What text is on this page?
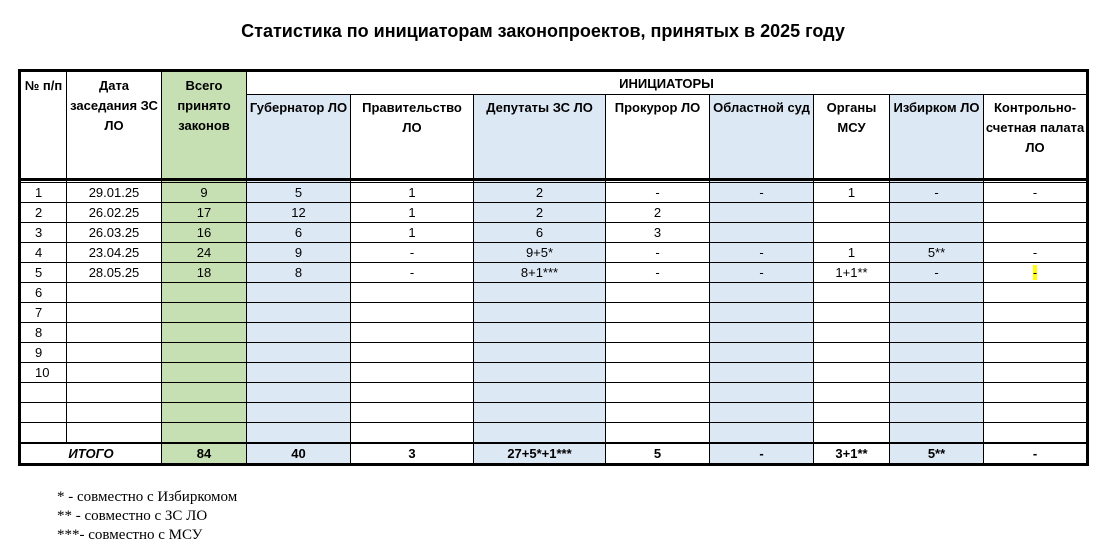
Статистика по инициаторам законопроектов, принятых в 2025 году
№ п/п	Дата заседания ЗС ЛО	Всего принято законов	ИНИЦИАТОРЫ							
			Губернатор ЛО	Правительство ЛО	Депутаты ЗС ЛО	Прокурор ЛО	Областной суд	Органы МСУ	Избирком ЛО	Контрольно-счетная палата ЛО

1	29.01.25	9	5	1	2	-	-	1	-	-
2	26.02.25	17	12	1	2	2				
3	26.03.25	16	6	1	6	3				
4	23.04.25	24	9	-	9+5*	-	-	1	5**	-
5	28.05.25	18	8	-	8+1***	-	-	1+1**	-	-
6										
7										
8										
9										
10										

ИТОГО		84	40	3	27+5*+1***	5	-	3+1**	5**	-
* - совместно с Избиркомом
** - совместно с ЗС ЛО
***- совместно с МСУ
